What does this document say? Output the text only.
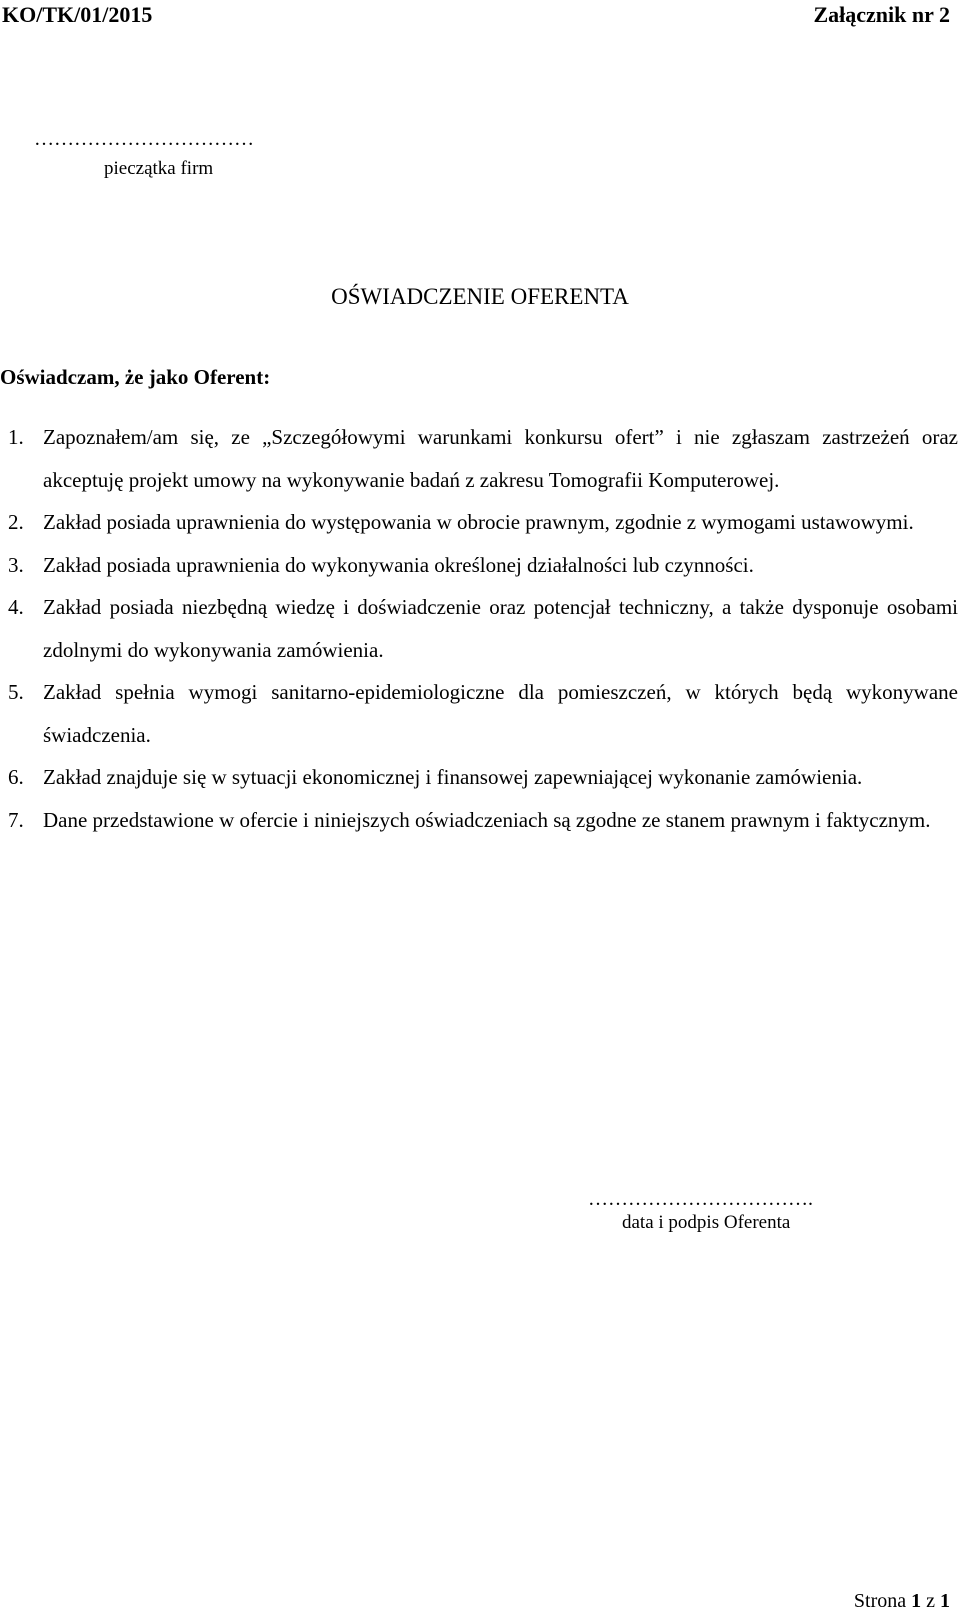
KO/TK/01/2015	Załącznik nr 2
……………………………
pieczątka firm
OŚWIADCZENIE OFERENTA
Oświadczam, że jako Oferent:
1. Zapoznałem/am się, ze „Szczegółowymi warunkami konkursu ofert” i nie zgłaszam zastrzeżeń oraz akceptuję projekt umowy na wykonywanie badań z zakresu Tomografii Komputerowej.
2. Zakład posiada uprawnienia do występowania w obrocie prawnym, zgodnie z wymogami ustawowymi.
3. Zakład posiada uprawnienia do wykonywania określonej działalności lub czynności.
4. Zakład posiada niezbędną wiedzę i doświadczenie oraz potencjał techniczny, a także dysponuje osobami zdolnymi do wykonywania zamówienia.
5. Zakład spełnia wymogi sanitarno-epidemiologiczne dla pomieszczeń, w których będą wykonywane świadczenia.
6. Zakład znajduje się w sytuacji ekonomicznej i finansowej zapewniającej wykonanie zamówienia.
7. Dane przedstawione w ofercie i niniejszych oświadczeniach są zgodne ze stanem prawnym i faktycznym.
…………………………….
data i podpis Oferenta
Strona 1 z 1
